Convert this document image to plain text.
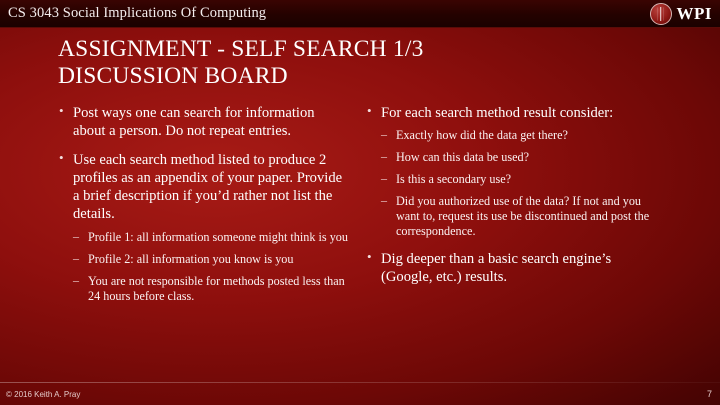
CS 3043 Social Implications Of Computing	WPI
ASSIGNMENT - SELF SEARCH 1/3
DISCUSSION BOARD
• Post ways one can search for information about a person. Do not repeat entries.
• Use each search method listed to produce 2 profiles as an appendix of your paper. Provide a brief description if you’d rather not list the details.
– Profile 1: all information someone might think is you
– Profile 2: all information you know is you
– You are not responsible for methods posted less than 24 hours before class.
• For each search method result consider:
– Exactly how did the data get there?
– How can this data be used?
– Is this a secondary use?
– Did you authorized use of the data? If not and you want to, request its use be discontinued and post the correspondence.
• Dig deeper than a basic search engine’s (Google, etc.) results.
© 2016 Keith A. Pray	7
